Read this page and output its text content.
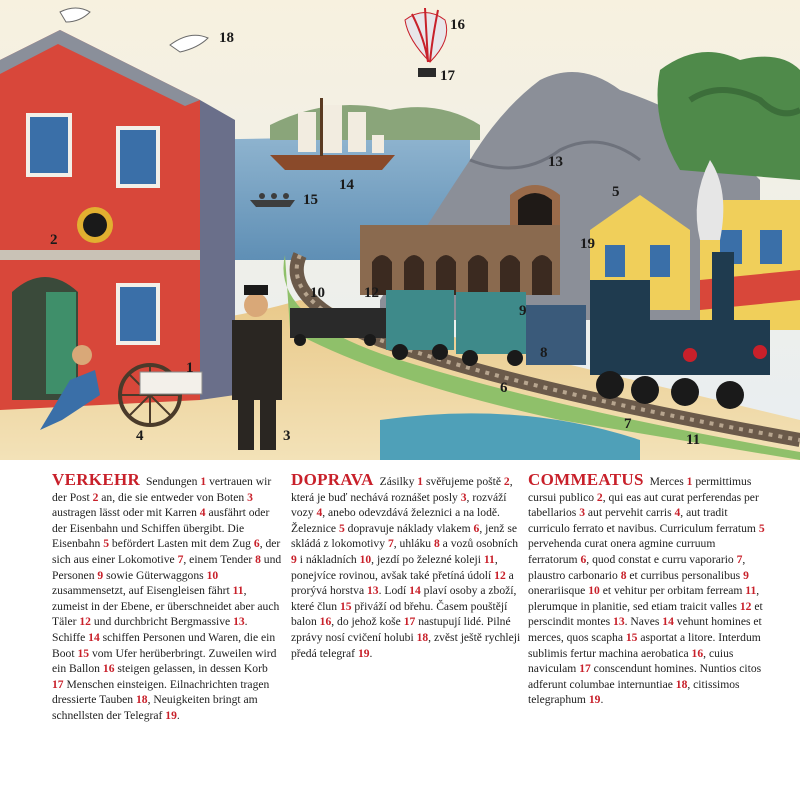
1
2
3
4
5
6
7
8
9
10
11
12
13
14
15
16
17
18
19
VERKEHR Sendungen 1 vertrauen wir der Post 2 an, die sie entweder von Boten 3 austragen lässt oder mit Karren 4 ausfährt oder der Eisenbahn und Schiffen übergibt. Die Eisenbahn 5 befördert Lasten mit dem Zug 6, der sich aus einer Lokomotive 7, einem Tender 8 und Personen 9 sowie Güterwaggons 10 zusammensetzt, auf Eisengleisen fährt 11, zumeist in der Ebene, er überschneidet aber auch Täler 12 und durchbricht Bergmassive 13. Schiffe 14 schiffen Personen und Waren, die ein Boot 15 vom Ufer herüberbringt. Zuweilen wird ein Ballon 16 steigen gelassen, in dessen Korb 17 Menschen einsteigen. Eilnachrichten tragen dressierte Tauben 18, Neuigkeiten bringt am schnellsten der Telegraf 19.
DOPRAVA Zásilky 1 svěřujeme poště 2, která je buď nechává roznášet posly 3, rozváží vozy 4, anebo odevzdává železnici a na lodě. Železnice 5 dopravuje náklady vlakem 6, jenž se skládá z lokomotivy 7, uhláku 8 a vozů osobních 9 i nákladních 10, jezdí po železné koleji 11, ponejvíce rovinou, avšak také přetíná údolí 12 a prorývá horstva 13. Lodí 14 plaví osoby a zboží, které člun 15 přiváží od břehu. Časem pouštějí balon 16, do jehož koše 17 nastupují lidé. Pilné zprávy nosí cvičení holubi 18, zvěst ještě rychleji předá telegraf 19.
COMMEATUS Merces 1 permittimus cursui publico 2, qui eas aut curat perferendas per tabellarios 3 aut pervehit carris 4, aut tradit curriculo ferrato et navibus. Curriculum ferratum 5 pervehenda curat onera agmine curruum ferratorum 6, quod constat e curru vaporario 7, plaustro carbonario 8 et curribus personalibus 9 onerariisque 10 et vehitur per orbitam ferream 11, plerumque in planitie, sed etiam traicit valles 12 et perscindit montes 13. Naves 14 vehunt homines et merces, quos scapha 15 asportat a litore. Interdum sublimis fertur machina aerobatica 16, cuius naviculam 17 conscendunt homines. Nuntios citos adferunt columbae internuntiae 18, citissimos telegraphum 19.
